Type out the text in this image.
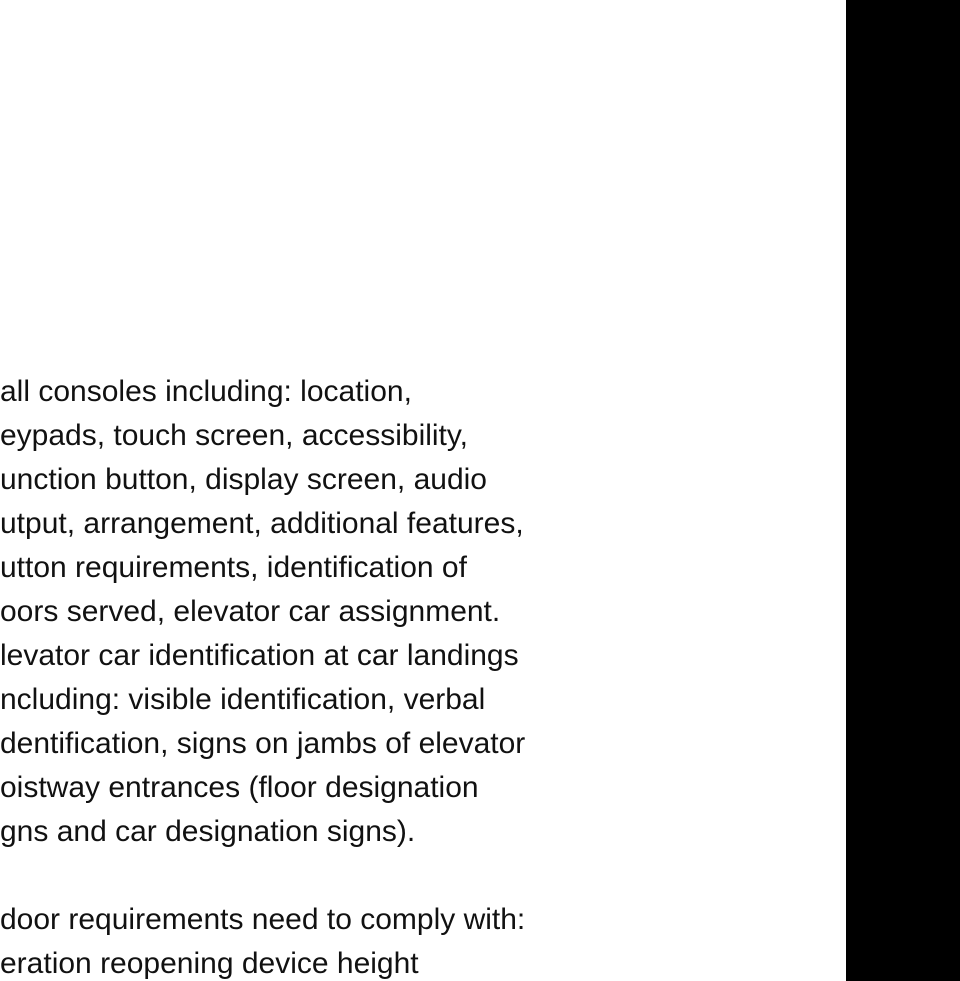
all consoles including: location,

eypads, touch screen, accessibility,

unction button, display screen, audio

utput, arrangement, additional features,

utton requirements, identification of

oors served, elevator car assignment.

levator car identification at car landings

ncluding: visible identification, verbal

dentification, signs on jambs of elevator

oistway entrances (floor designation

gns and car designation signs).

door requirements need to comply with:

eration reopening device height
